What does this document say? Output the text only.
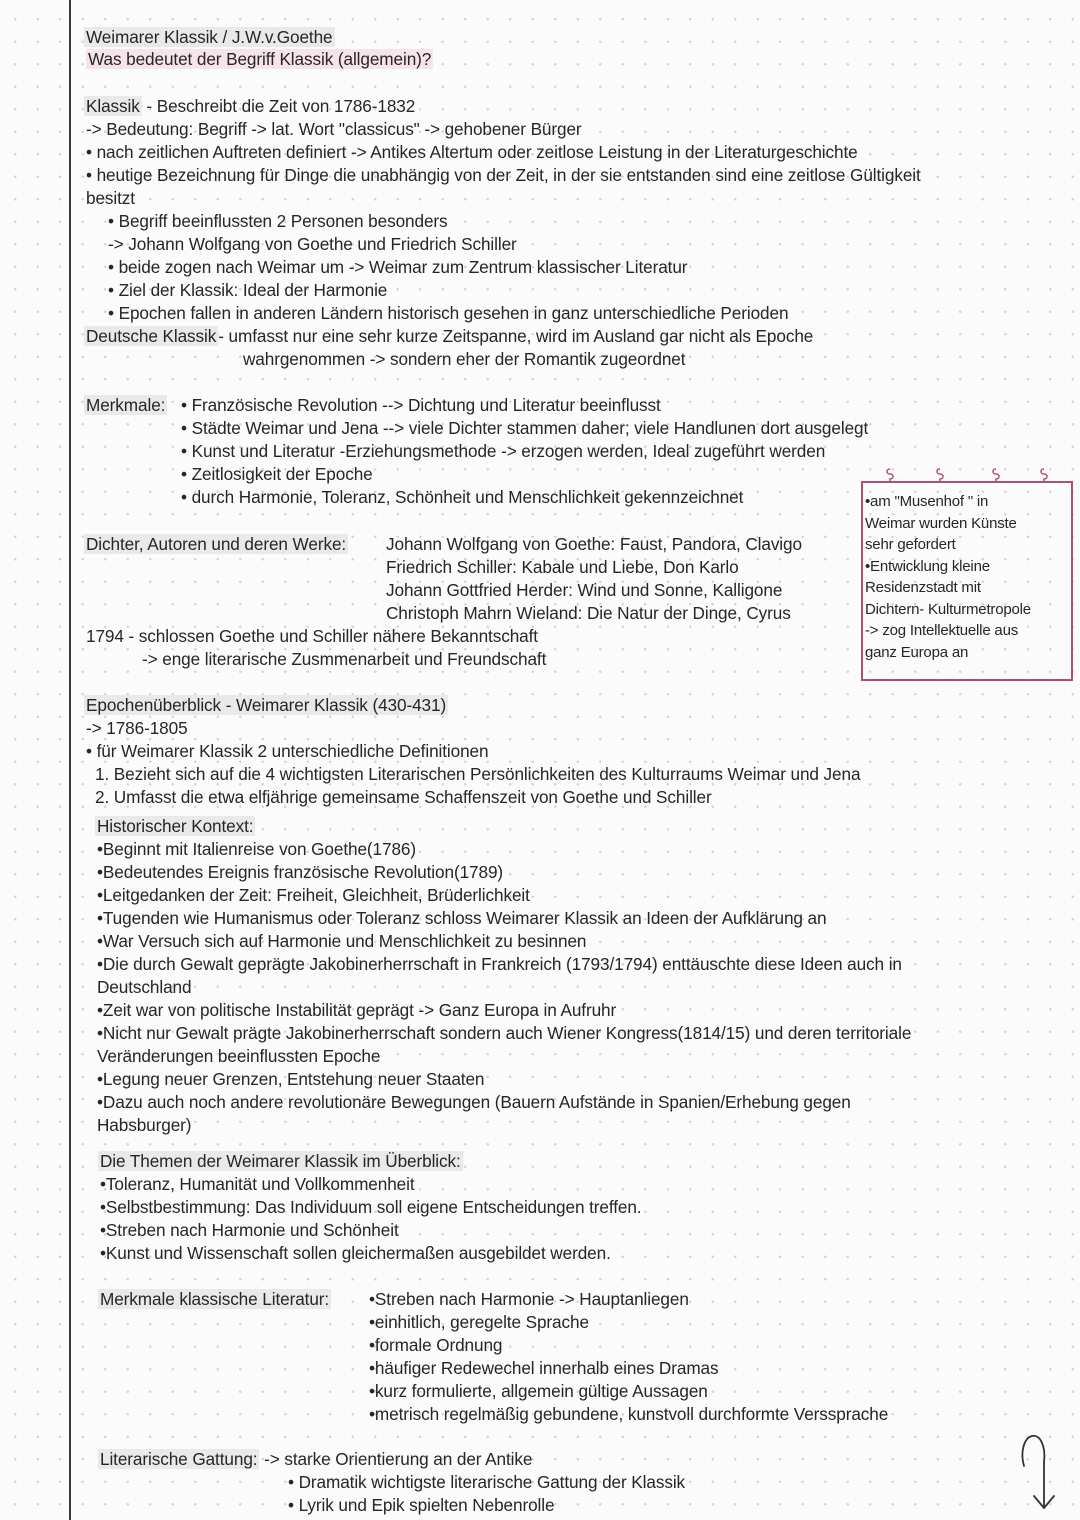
Weimarer Klassik / J.W.v.Goethe
Was bedeutet der Begriff Klassik (allgemein)?
Klassik - Beschreibt die Zeit von 1786-1832
-> Bedeutung: Begriff -> lat. Wort "classicus" -> gehobener Bürger
• nach zeitlichen Auftreten definiert -> Antikes Altertum oder zeitlose Leistung in der Literaturgeschichte
• heutige Bezeichnung für Dinge die unabhängig von der Zeit, in der sie entstanden sind eine zeitlose Gültigkeit
besitzt
• Begriff beeinflussten 2 Personen besonders
-> Johann Wolfgang von Goethe und Friedrich Schiller
• beide zogen nach Weimar um -> Weimar zum Zentrum klassischer Literatur
• Ziel der Klassik: Ideal der Harmonie
• Epochen fallen in anderen Ländern historisch gesehen in ganz unterschiedliche Perioden
Deutsche Klassik - umfasst nur eine sehr kurze Zeitspanne, wird im Ausland gar nicht als Epoche
wahrgenommen -> sondern eher der Romantik zugeordnet
Merkmale: • Französische Revolution --> Dichtung und Literatur beeinflusst
• Städte Weimar und Jena --> viele Dichter stammen daher; viele Handlunen dort ausgelegt
• Kunst und Literatur -Erziehungsmethode -> erzogen werden, Ideal zugeführt werden
• Zeitlosigkeit der Epoche
• durch Harmonie, Toleranz, Schönheit und Menschlichkeit gekennzeichnet
Dichter, Autoren und deren Werke: Johann Wolfgang von Goethe: Faust, Pandora, Clavigo
Friedrich Schiller: Kabale und Liebe, Don Karlo
Johann Gottfried Herder: Wind und Sonne, Kalligone
Christoph Mahrn Wieland: Die Natur der Dinge, Cyrus
1794 - schlossen Goethe und Schiller nähere Bekanntschaft
-> enge literarische Zusmmenarbeit und Freundschaft
•am "Musenhof " in
Weimar wurden Künste
sehr gefordert
•Entwicklung kleine
Residenzstadt mit
Dichtern- Kulturmetropole
-> zog Intellektuelle aus
ganz Europa an
Epochenüberblick - Weimarer Klassik (430-431)
-> 1786-1805
• für Weimarer Klassik 2 unterschiedliche Definitionen
1. Bezieht sich auf die 4 wichtigsten Literarischen Persönlichkeiten des Kulturraums Weimar und Jena
2. Umfasst die etwa elfjährige gemeinsame Schaffenszeit von Goethe und Schiller
Historischer Kontext:
•Beginnt mit Italienreise von Goethe(1786)
•Bedeutendes Ereignis französische Revolution(1789)
•Leitgedanken der Zeit: Freiheit, Gleichheit, Brüderlichkeit
•Tugenden wie Humanismus oder Toleranz schloss Weimarer Klassik an Ideen der Aufklärung an
•War Versuch sich auf Harmonie und Menschlichkeit zu besinnen
•Die durch Gewalt geprägte Jakobinerherrschaft in Frankreich (1793/1794) enttäuschte diese Ideen auch in
Deutschland
•Zeit war von politische Instabilität geprägt -> Ganz Europa in Aufruhr
•Nicht nur Gewalt prägte Jakobinerherrschaft sondern auch Wiener Kongress(1814/15) und deren territoriale
Veränderungen beeinflussten Epoche
•Legung neuer Grenzen, Entstehung neuer Staaten
•Dazu auch noch andere revolutionäre Bewegungen (Bauern Aufstände in Spanien/Erhebung gegen
Habsburger)
Die Themen der Weimarer Klassik im Überblick:
•Toleranz, Humanität und Vollkommenheit
•Selbstbestimmung: Das Individuum soll eigene Entscheidungen treffen.
•Streben nach Harmonie und Schönheit
•Kunst und Wissenschaft sollen gleichermaßen ausgebildet werden.
Merkmale klassische Literatur: •Streben nach Harmonie -> Hauptanliegen
•einhitlich, geregelte Sprache
•formale Ordnung
•häufiger Redewechel innerhalb eines Dramas
•kurz formulierte, allgemein gültige Aussagen
•metrisch regelmäßig gebundene, kunstvoll durchformte Verssprache
Literarische Gattung: -> starke Orientierung an der Antike
• Dramatik wichtigste literarische Gattung der Klassik
• Lyrik und Epik spielten Nebenrolle
